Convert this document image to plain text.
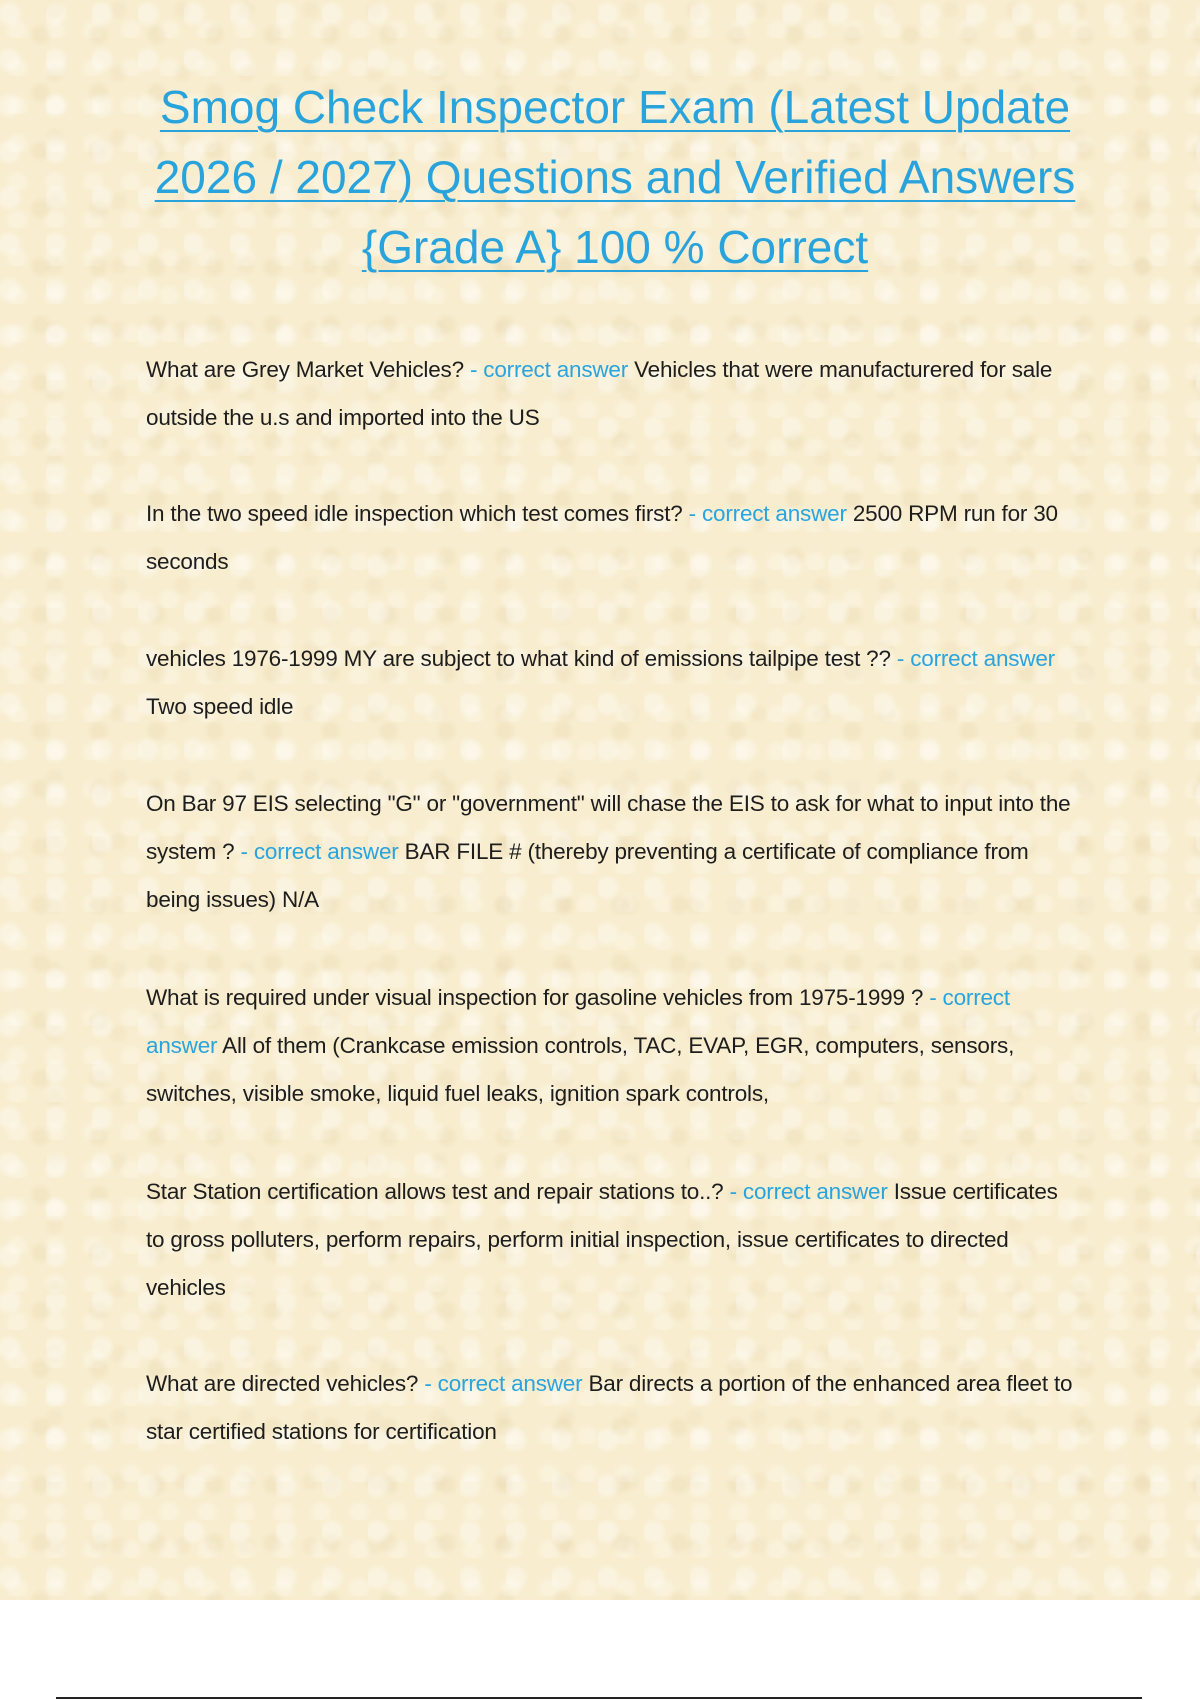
Smog Check Inspector Exam (Latest Update 2026 / 2027) Questions and Verified Answers {Grade A} 100 % Correct

What are Grey Market Vehicles? - correct answer Vehicles that were manufacturered for sale outside the u.s and imported into the US

In the two speed idle inspection which test comes first? - correct answer 2500 RPM run for 30 seconds

vehicles 1976-1999 MY are subject to what kind of emissions tailpipe test ?? - correct answer Two speed idle

On Bar 97 EIS selecting "G" or "government" will chase the EIS to ask for what to input into the system ? - correct answer BAR FILE # (thereby preventing a certificate of compliance from being issues) N/A

What is required under visual inspection for gasoline vehicles from 1975-1999 ? - correct answer All of them (Crankcase emission controls, TAC, EVAP, EGR, computers, sensors, switches, visible smoke, liquid fuel leaks, ignition spark controls,

Star Station certification allows test and repair stations to..? - correct answer Issue certificates to gross polluters, perform repairs, perform initial inspection, issue certificates to directed vehicles

What are directed vehicles? - correct answer Bar directs a portion of the enhanced area fleet to star certified stations for certification
